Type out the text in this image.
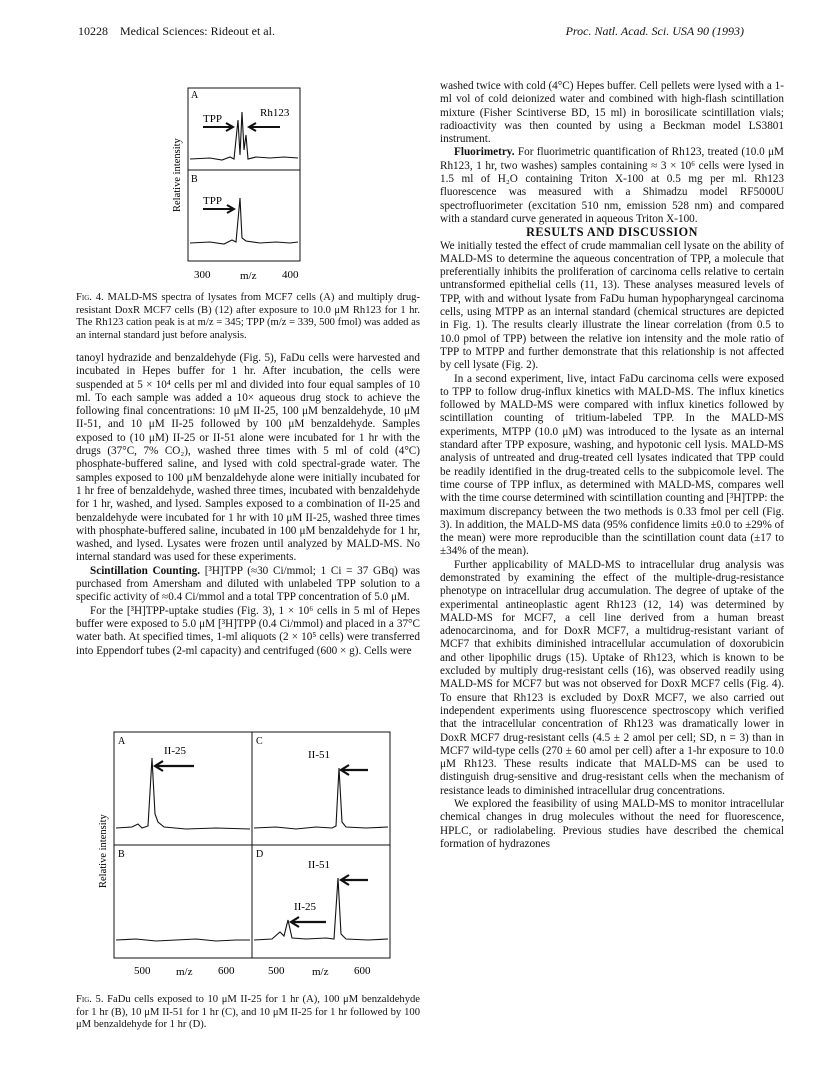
10228 Medical Sciences: Rideout et al.	Proc. Natl. Acad. Sci. USA 90 (1993)
A
B
TPP	Rh123
TPP
Relative intensity
300	m/z 400
Fig. 4. MALD-MS spectra of lysates from MCF7 cells (A) and multiply drug-resistant DoxR MCF7 cells (B) (12) after exposure to 10.0 μM Rh123 for 1 hr. The Rh123 cation peak is at m/z = 345; TPP (m/z = 339, 500 fmol) was added as an internal standard just before analysis.

tanoyl hydrazide and benzaldehyde (Fig. 5), FaDu cells were harvested and incubated in Hepes buffer for 1 hr. After incubation, the cells were suspended at 5 × 10⁴ cells per ml and divided into four equal samples of 10 ml. To each sample was added a 10× aqueous drug stock to achieve the following final concentrations: 10 μM II-25, 100 μM benzaldehyde, 10 μM II-51, and 10 μM II-25 followed by 100 μM benzaldehyde. Samples exposed to (10 μM) II-25 or II-51 alone were incubated for 1 hr with the drugs (37°C, 7% CO₂), washed three times with 5 ml of cold (4°C) phosphate-buffered saline, and lysed with cold spectral-grade water. The samples exposed to 100 μM benzaldehyde alone were initially incubated for 1 hr free of benzaldehyde, washed three times, incubated with benzaldehyde for 1 hr, washed, and lysed. Samples exposed to a combination of II-25 and benzaldehyde were incubated for 1 hr with 10 μM II-25, washed three times with phosphate-buffered saline, incubated in 100 μM benzaldehyde for 1 hr, washed, and lysed. Lysates were frozen until analyzed by MALD-MS. No internal standard was used for these experiments.

Scintillation Counting. [³H]TPP (≈30 Ci/mmol; 1 Ci = 37 GBq) was purchased from Amersham and diluted with unlabeled TPP solution to a specific activity of ≈0.4 Ci/mmol and a total TPP concentration of 5.0 μM.

For the [³H]TPP-uptake studies (Fig. 3), 1 × 10⁶ cells in 5 ml of Hepes buffer were exposed to 5.0 μM [³H]TPP (0.4 Ci/mmol) and placed in a 37°C water bath. At specified times, 1-ml aliquots (2 × 10⁵ cells) were transferred into Eppendorf tubes (2-ml capacity) and centrifuged (600 × g). Cells were

A
B
C
D
II-25	II-51
II-51
II-25
Relative intensity
500 m/z 600	500	m/z 600
Fig. 5. FaDu cells exposed to 10 μM II-25 for 1 hr (A), 100 μM benzaldehyde for 1 hr (B), 10 μM II-51 for 1 hr (C), and 10 μM II-25 for 1 hr followed by 100 μM benzaldehyde for 1 hr (D).

washed twice with cold (4°C) Hepes buffer. Cell pellets were lysed with a 1-ml vol of cold deionized water and combined with high-flash scintillation mixture (Fisher Scintiverse BD, 15 ml) in borosilicate scintillation vials; radioactivity was then counted by using a Beckman model LS3801 instrument.

Fluorimetry. For fluorimetric quantification of Rh123, treated (10.0 μM Rh123, 1 hr, two washes) samples containing ≈ 3 × 10⁶ cells were lysed in 1.5 ml of H₂O containing Triton X-100 at 0.5 mg per ml. Rh123 fluorescence was measured with a Shimadzu model RF5000U spectrofluorimeter (excitation 510 nm, emission 528 nm) and compared with a standard curve generated in aqueous Triton X-100.

RESULTS AND DISCUSSION

We initially tested the effect of crude mammalian cell lysate on the ability of MALD-MS to determine the aqueous concentration of TPP, a molecule that preferentially inhibits the proliferation of carcinoma cells relative to certain untransformed epithelial cells (11, 13). These analyses measured levels of TPP, with and without lysate from FaDu human hypopharyngeal carcinoma cells, using MTPP as an internal standard (chemical structures are depicted in Fig. 1). The results clearly illustrate the linear correlation (from 0.5 to 10.0 pmol of TPP) between the relative ion intensity and the mole ratio of TPP to MTPP and further demonstrate that this relationship is not affected by cell lysate (Fig. 2).

In a second experiment, live, intact FaDu carcinoma cells were exposed to TPP to follow drug-influx kinetics with MALD-MS. The influx kinetics followed by MALD-MS were compared with influx kinetics followed by scintillation counting of tritium-labeled TPP. In the MALD-MS experiments, MTPP (10.0 μM) was introduced to the lysate as an internal standard after TPP exposure, washing, and hypotonic cell lysis. MALD-MS analysis of untreated and drug-treated cell lysates indicated that TPP could be readily identified in the drug-treated cells to the subpicomole level. The time course of TPP influx, as determined with MALD-MS, compares well with the time course determined with scintillation counting and [³H]TPP: the maximum discrepancy between the two methods is 0.33 fmol per cell (Fig. 3). In addition, the MALD-MS data (95% confidence limits ±0.0 to ±29% of the mean) were more reproducible than the scintillation count data (±17 to ±34% of the mean).

Further applicability of MALD-MS to intracellular drug analysis was demonstrated by examining the effect of the multiple-drug-resistance phenotype on intracellular drug accumulation. The degree of uptake of the experimental antineoplastic agent Rh123 (12, 14) was determined by MALD-MS for MCF7, a cell line derived from a human breast adenocarcinoma, and for DoxR MCF7, a multidrug-resistant variant of MCF7 that exhibits diminished intracellular accumulation of doxorubicin and other lipophilic drugs (15). Uptake of Rh123, which is known to be excluded by multiply drug-resistant cells (16), was observed readily using MALD-MS for MCF7 but was not observed for DoxR MCF7 cells (Fig. 4). To ensure that Rh123 is excluded by DoxR MCF7, we also carried out independent experiments using fluorescence spectroscopy which verified that the intracellular concentration of Rh123 was dramatically lower in DoxR MCF7 drug-resistant cells (4.5 ± 2 amol per cell; SD, n = 3) than in MCF7 wild-type cells (270 ± 60 amol per cell) after a 1-hr exposure to 10.0 μM Rh123. These results indicate that MALD-MS can be used to distinguish drug-sensitive and drug-resistant cells when the mechanism of resistance leads to diminished intracellular drug concentrations.

We explored the feasibility of using MALD-MS to monitor intracellular chemical changes in drug molecules without the need for fluorescence, HPLC, or radiolabeling. Previous studies have described the chemical formation of hydrazones
